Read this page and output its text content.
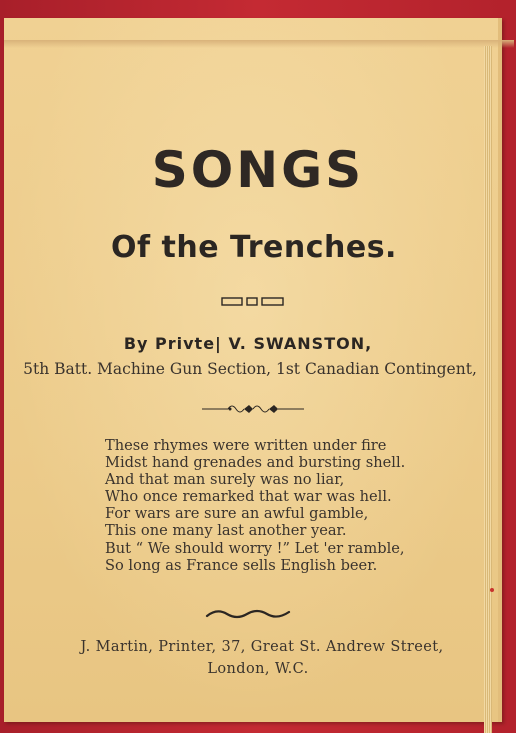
SONGS
Of the Trenches.
By Privte| V. SWANSTON,
5th Batt. Machine Gun Section, 1st Canadian Contingent,
These rhymes were written under fire
Midst hand grenades and bursting shell.
And that man surely was no liar,
Who once remarked that war was hell.
For wars are sure an awful gamble,
This one many last another year.
But “ We should worry !” Let 'er ramble,
So long as France sells English beer.
J. Martin, Printer, 37, Great St. Andrew Street,
London, W.C.
